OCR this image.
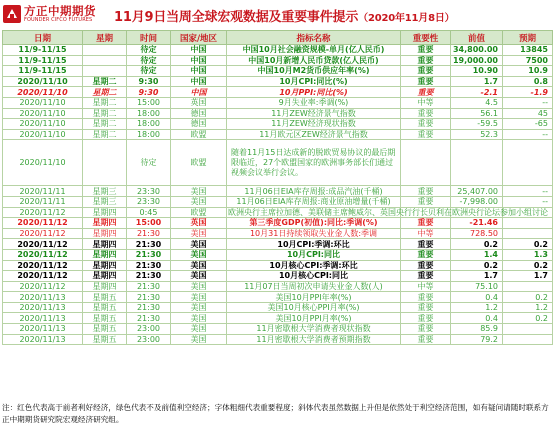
方正中期期货
FOUNDER CIFCO FUTURES 11月9日当周全球宏观数据及重要事件提示（2020年11月8日）
日期	星期	时间	国家/地区	指标名称	重要性	前值	预期
11/9-11/15		待定	中国	中国10月社会融资规模-单月(亿人民币)	重要	34,800.00	13845
11/9-11/15		待定	中国	中国10月新增人民币贷款(亿人民币)	重要	19,000.00	7500
11/9-11/15		待定	中国	中国10月M2货币供应年率(%)	重要	10.90	10.9
2020/11/10	星期二	9:30	中国	10月CPI:同比(%)	重要	1.7	0.8
2020/11/10	星期二	9:30	中国	10月PPI:同比(%)	重要	-2.1	-1.9
2020/11/10	星期二	15:00	英国	9月失业率:季调(%)	中等	4.5	--
2020/11/10	星期二	18:00	德国	11月ZEW经济景气指数	重要	56.1	45
2020/11/10	星期二	18:00	德国	11月ZEW经济现状指数	重要	-59.5	-65
2020/11/10	星期二	18:00	欧盟	11月欧元区ZEW经济景气指数	重要	52.3	--
2020/11/10		待定	欧盟	随着11月15日达成新的脱欧贸易协议的最后期限临近，27个欧盟国家的欧洲事务部长们通过视频会议举行会议。			
2020/11/11	星期三	23:30	美国	11月06日EIA库存周报:成品汽油(千桶)	重要	25,407.00	--
2020/11/11	星期三	23:30	美国	11月06日EIA库存周报:商业原油增量(千桶)	重要	-7,998.00	--
2020/11/12	星期四	0:45	欧盟	欧洲央行主席拉加德、美联储主席鲍威尔、英国央行行长贝利在欧洲央行论坛参加小组讨论			
2020/11/12	星期四	15:00	英国	第三季度GDP(初值):同比:季调(%)	重要	-21.46	
2020/11/12	星期四	21:30	美国	10月31日持续领取失业金人数:季调	中等	728.50	
2020/11/12	星期四	21:30	美国	10月CPI:季调:环比	重要	0.2	0.2
2020/11/12	星期四	21:30	美国	10月CPI:同比	重要	1.4	1.3
2020/11/12	星期四	21:30	美国	10月核心CPI:季调:环比	重要	0.2	0.2
2020/11/12	星期四	21:30	美国	10月核心CPI:同比	重要	1.7	1.7
2020/11/12	星期四	21:30	美国	11月07日当周初次申请失业金人数(人)	中等	75.10	
2020/11/13	星期五	21:30	美国	美国10月PPI年率(%)	重要	0.4	0.2
2020/11/13	星期五	21:30	美国	美国10月核心PPI月率(%)	重要	1.2	1.2
2020/11/13	星期五	21:30	美国	美国10月PPI月率(%)	重要	0.4	0.2
2020/11/13	星期五	23:00	美国	11月密歇根大学消费者现状指数	重要	85.9	
2020/11/13	星期五	23:00	美国	11月密歇根大学消费者预期指数	重要	79.2	
注：红色代表高于前者利好经济，绿色代表不及前值利空经济；字体粗细代表重要程度；斜体代表虽然数据上升但是依然处于利空经济范围，如有疑问请随时联系方正中期期货研究院宏观经济研究组。
